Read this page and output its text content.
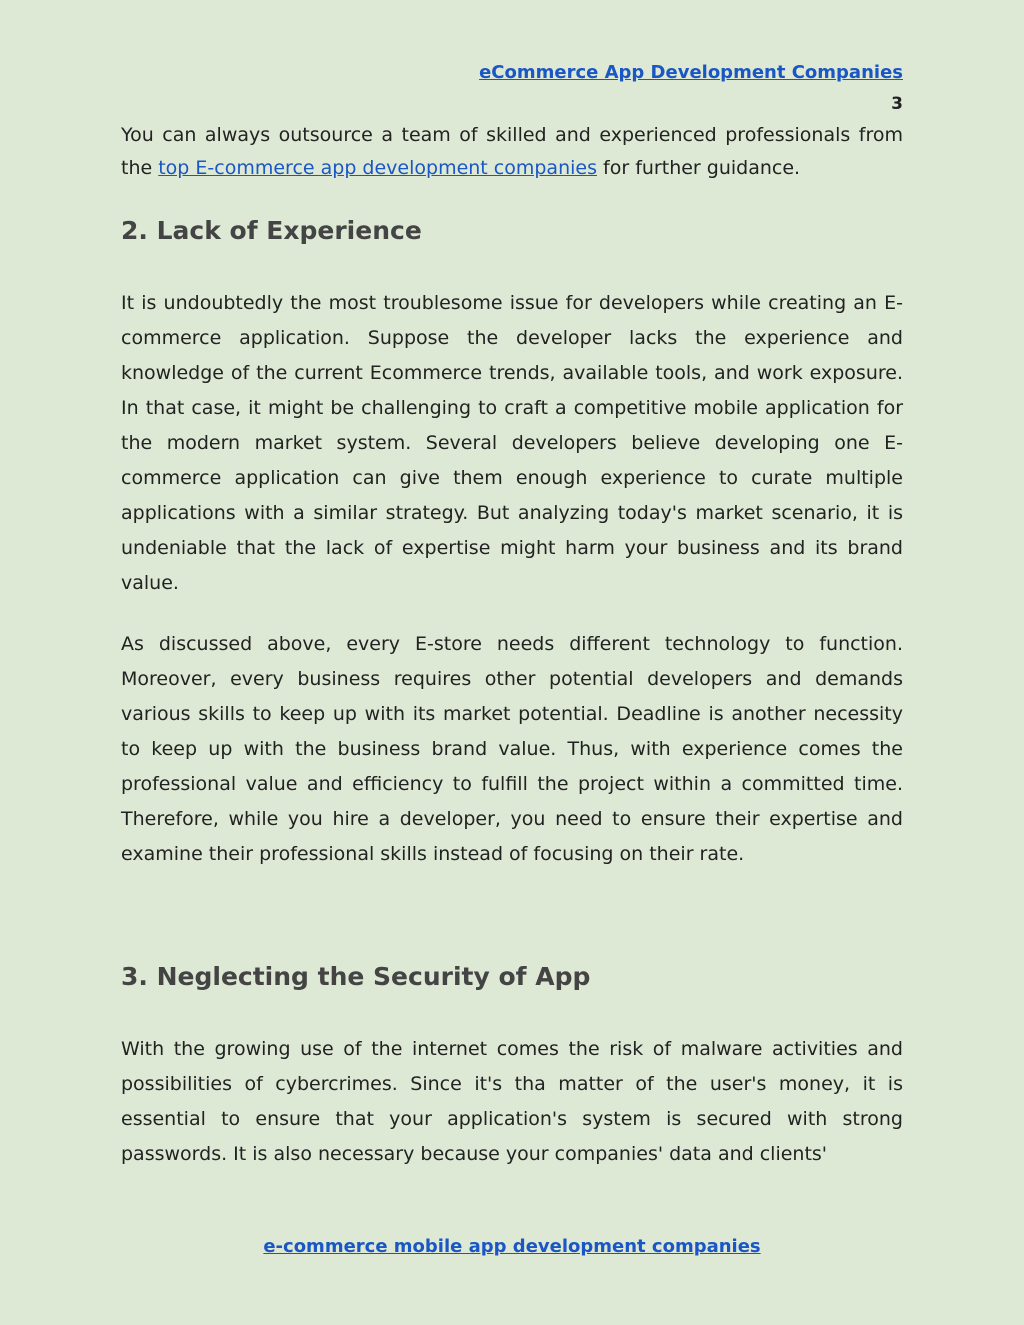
eCommerce App Development Companies
3

You can always outsource a team of skilled and experienced professionals from the top E-commerce app development companies for further guidance.

2. Lack of Experience

It is undoubtedly the most troublesome issue for developers while creating an E-commerce application. Suppose the developer lacks the experience and knowledge of the current Ecommerce trends, available tools, and work exposure. In that case, it might be challenging to craft a competitive mobile application for the modern market system. Several developers believe developing one E-commerce application can give them enough experience to curate multiple applications with a similar strategy. But analyzing today's market scenario, it is undeniable that the lack of expertise might harm your business and its brand value.

As discussed above, every E-store needs different technology to function. Moreover, every business requires other potential developers and demands various skills to keep up with its market potential. Deadline is another necessity to keep up with the business brand value. Thus, with experience comes the professional value and efficiency to fulfill the project within a committed time. Therefore, while you hire a developer, you need to ensure their expertise and examine their professional skills instead of focusing on their rate.

3. Neglecting the Security of App

With the growing use of the internet comes the risk of malware activities and possibilities of cybercrimes. Since it's tha matter of the user's money, it is essential to ensure that your application's system is secured with strong passwords. It is also necessary because your companies' data and clients'

e-commerce mobile app development companies
